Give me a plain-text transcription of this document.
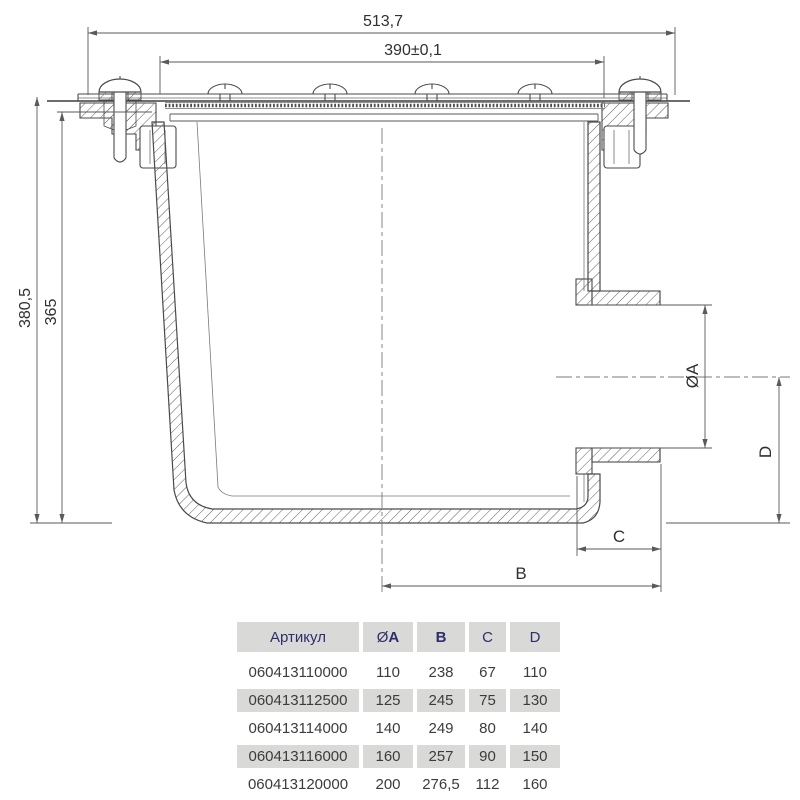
513,7
390±0,1
380,5 365
ØA
D
C
B
Артикул	Ø A B C D
060413110000	110	238	67	110
060413112500	125	245	75	130
060413114000	140	249	80	140
060413116000	160	257	90	150
060413120000	200	276,5	112	160
